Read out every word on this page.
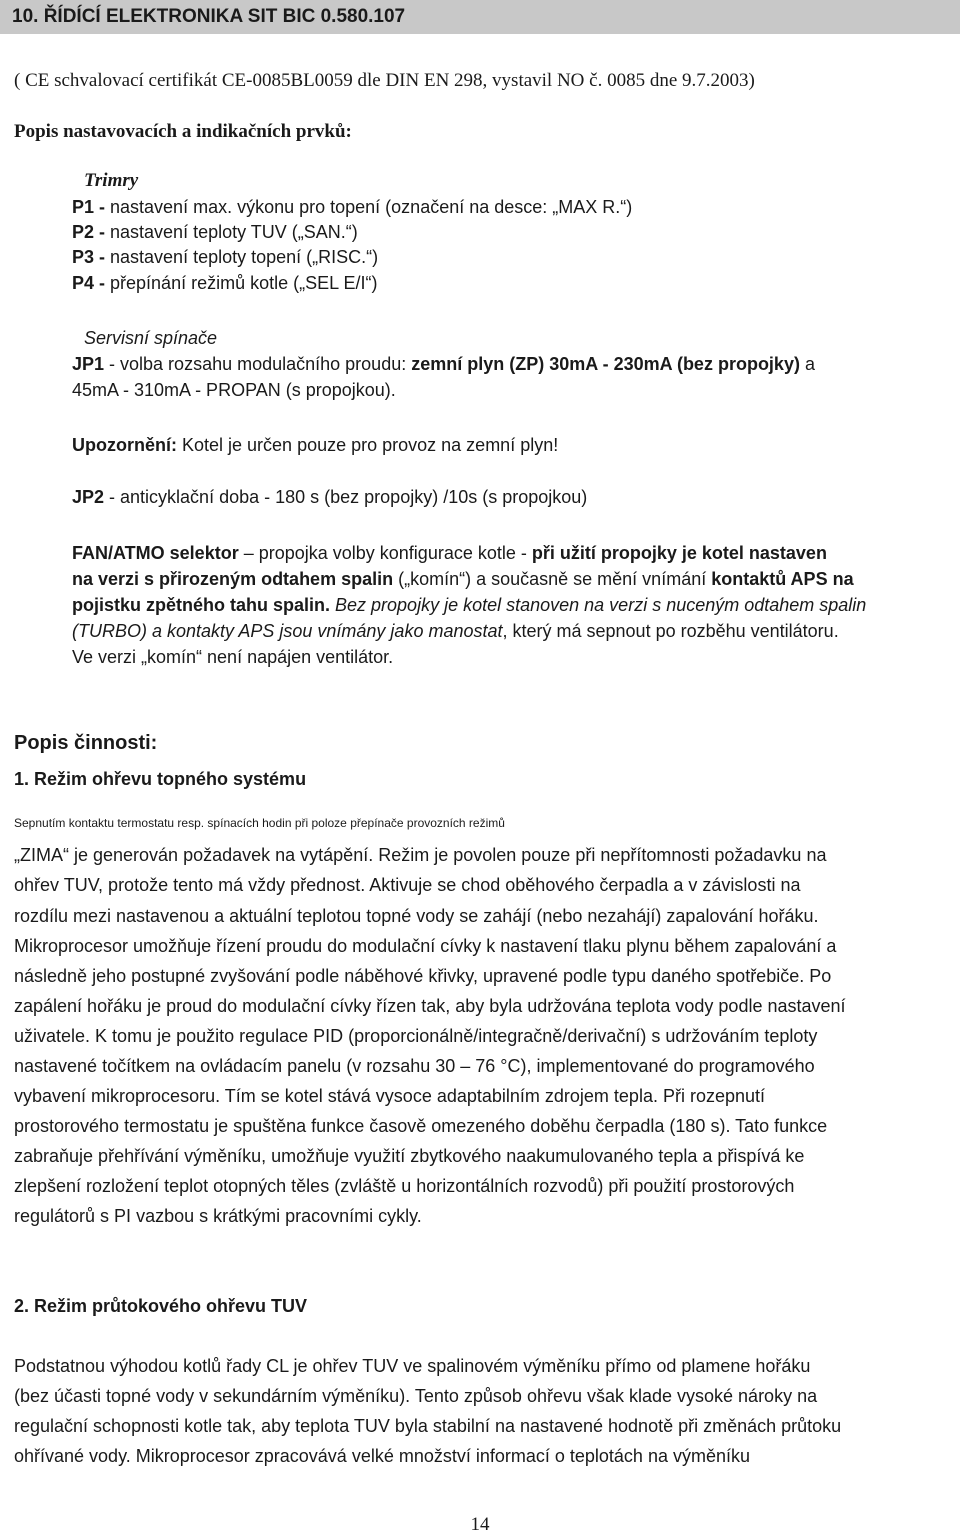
10. ŘÍDÍCÍ ELEKTRONIKA SIT BIC 0.580.107
( CE schvalovací certifikát CE-0085BL0059 dle DIN EN 298, vystavil NO č. 0085 dne 9.7.2003)
Popis nastavovacích a indikačních prvků:
Trimry
P1 - nastavení max. výkonu pro topení (označení na desce: „MAX R.“)
P2 - nastavení teploty TUV („SAN.“)
P3 - nastavení teploty topení („RISC.“)
P4 - přepínání režimů kotle („SEL E/I“)
Servisní spínače
JP1 - volba rozsahu modulačního proudu: zemní plyn (ZP) 30mA - 230mA (bez propojky) a
45mA - 310mA - PROPAN (s propojkou).
Upozornění: Kotel je určen pouze pro provoz na zemní plyn!
JP2 - anticyklační doba - 180 s (bez propojky) /10s (s propojkou)
FAN/ATMO selektor – propojka volby konfigurace kotle - při užití propojky je kotel nastaven
na verzi s přirozeným odtahem spalin („komín“) a současně se mění vnímání kontaktů APS na
pojistku zpětného tahu spalin. Bez propojky je kotel stanoven na verzi s nuceným odtahem spalin
(TURBO) a kontakty APS jsou vnímány jako manostat, který má sepnout po rozběhu ventilátoru.
Ve verzi „komín“ není napájen ventilátor.
Popis činnosti:
1. Režim ohřevu topného systému
Sepnutím kontaktu termostatu resp. spínacích hodin při poloze přepínače provozních režimů
„ZIMA“ je generován požadavek na vytápění. Režim je povolen pouze při nepřítomnosti požadavku na
ohřev TUV, protože tento má vždy přednost. Aktivuje se chod oběhového čerpadla a v závislosti na
rozdílu mezi nastavenou a aktuální teplotou topné vody se zahájí (nebo nezahájí) zapalování hořáku.
Mikroprocesor umožňuje řízení proudu do modulační cívky k nastavení tlaku plynu během zapalování a
následně jeho postupné zvyšování podle náběhové křivky, upravené podle typu daného spotřebiče. Po
zapálení hořáku je proud do modulační cívky řízen tak, aby byla udržována teplota vody podle nastavení
uživatele. K tomu je použito regulace PID (proporcionálně/integračně/derivační) s udržováním teploty
nastavené točítkem na ovládacím panelu (v rozsahu 30 – 76 °C), implementované do programového
vybavení mikroprocesoru. Tím se kotel stává vysoce adaptabilním zdrojem tepla. Při rozepnutí
prostorového termostatu je spuštěna funkce časově omezeného doběhu čerpadla (180 s). Tato funkce
zabraňuje přehřívání výměníku, umožňuje využití zbytkového naakumulovaného tepla a přispívá ke
zlepšení rozložení teplot otopných těles (zvláště u horizontálních rozvodů) při použití prostorových
regulátorů s PI vazbou s krátkými pracovními cykly.
2. Režim průtokového ohřevu TUV
Podstatnou výhodou kotlů řady CL je ohřev TUV ve spalinovém výměníku přímo od plamene hořáku
(bez účasti topné vody v sekundárním výměníku). Tento způsob ohřevu však klade vysoké nároky na
regulační schopnosti kotle tak, aby teplota TUV byla stabilní na nastavené hodnotě při změnách průtoku
ohřívané vody. Mikroprocesor zpracovává velké množství informací o teplotách na výměníku
14
